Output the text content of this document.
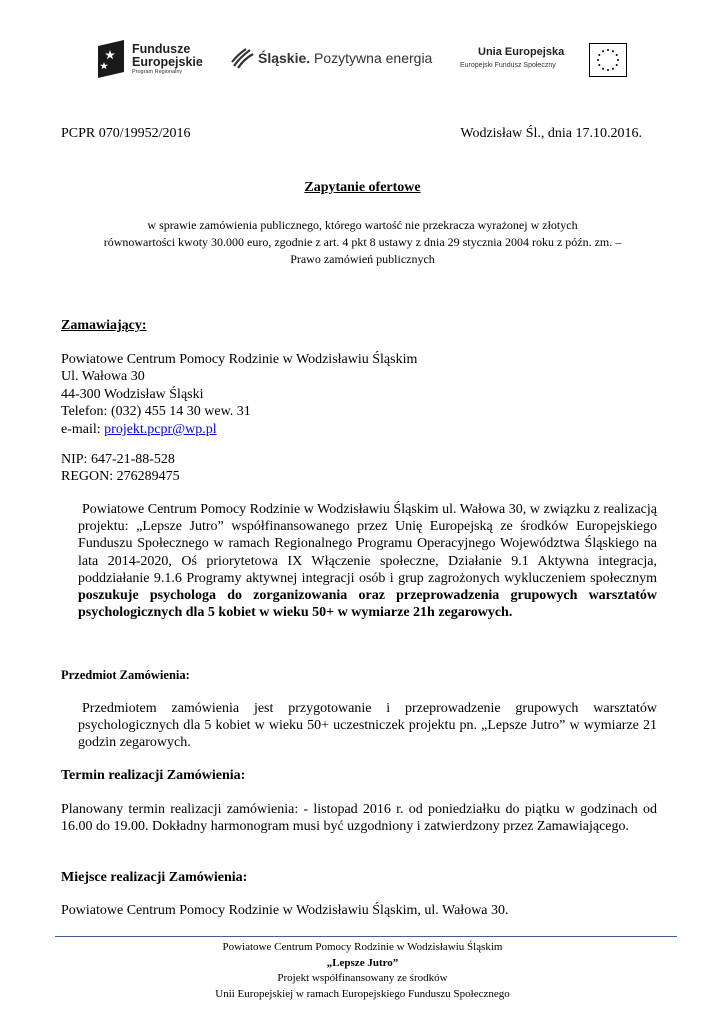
Fundusze
Europejskie
Program Regionalny
Śląskie. Pozytywna energia	Unia Europejska
Europejski Fundusz Społeczny
PCPR 070/19952/2016	Wodzisław Śl., dnia 17.10.2016.
Zapytanie ofertowe
w sprawie zamówienia publicznego, którego wartość nie przekracza wyrażonej w złotych
równowartości kwoty 30.000 euro, zgodnie z art. 4 pkt 8 ustawy z dnia 29 stycznia 2004 roku z późn. zm. –
Prawo zamówień publicznych
Zamawiający:
Powiatowe Centrum Pomocy Rodzinie w Wodzisławiu Śląskim
Ul. Wałowa 30
44-300 Wodzisław Śląski
Telefon: (032) 455 14 30 wew. 31
e-mail: projekt.pcpr@wp.pl
NIP: 647-21-88-528
REGON: 276289475
Powiatowe Centrum Pomocy Rodzinie w Wodzisławiu Śląskim ul. Wałowa 30, w związku z realizacją projektu: „Lepsze Jutro” współfinansowanego przez Unię Europejską ze środków Europejskiego Funduszu Społecznego w ramach Regionalnego Programu Operacyjnego Województwa Śląskiego na lata 2014-2020, Oś priorytetowa IX Włączenie społeczne, Działanie 9.1 Aktywna integracja, poddziałanie 9.1.6 Programy aktywnej integracji osób i grup zagrożonych wykluczeniem społecznym poszukuje psychologa do zorganizowania oraz przeprowadzenia grupowych warsztatów psychologicznych dla 5 kobiet w wieku 50+ w wymiarze 21h zegarowych.
Przedmiot Zamówienia:
Przedmiotem zamówienia jest przygotowanie i przeprowadzenie grupowych warsztatów psychologicznych dla 5 kobiet w wieku 50+ uczestniczek projektu pn. „Lepsze Jutro” w wymiarze 21 godzin zegarowych.
Termin realizacji Zamówienia:
Planowany termin realizacji zamówienia: - listopad 2016 r. od poniedziałku do piątku w godzinach od 16.00 do 19.00. Dokładny harmonogram musi być uzgodniony i zatwierdzony przez Zamawiającego.
Miejsce realizacji Zamówienia:
Powiatowe Centrum Pomocy Rodzinie w Wodzisławiu Śląskim, ul. Wałowa 30.
Powiatowe Centrum Pomocy Rodzinie w Wodzisławiu Śląskim
„Lepsze Jutro”
Projekt współfinansowany ze środków
Unii Europejskiej w ramach Europejskiego Funduszu Społecznego
